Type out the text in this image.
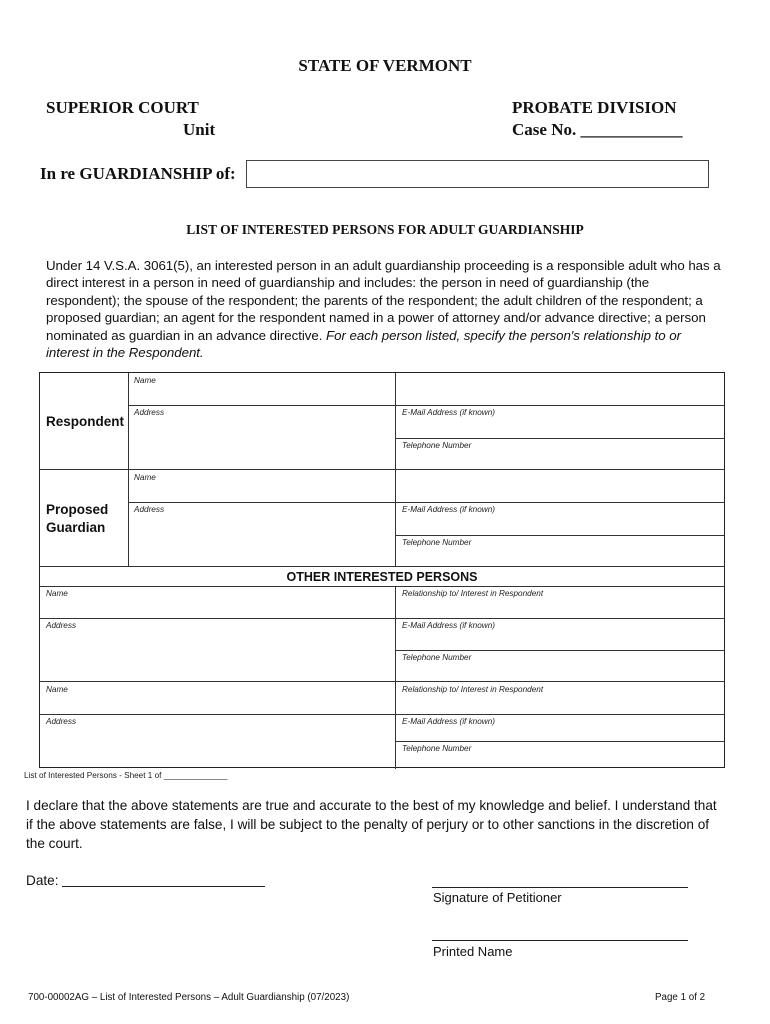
STATE OF VERMONT
SUPERIOR COURT
Unit
PROBATE DIVISION
Case No. ____________
In re GUARDIANSHIP of:
LIST OF INTERESTED PERSONS FOR ADULT GUARDIANSHIP
Under 14 V.S.A. 3061(5), an interested person in an adult guardianship proceeding is a responsible adult who has a direct interest in a person in need of guardianship and includes: the person in need of guardianship (the respondent); the spouse of the respondent; the parents of the respondent; the adult children of the respondent; a proposed guardian; an agent for the respondent named in a power of attorney and/or advance directive; a person nominated as guardian in an advance directive. For each person listed, specify the person's relationship to or interest in the Respondent.
Respondent
Name
Address	E-Mail Address (if known)
Telephone Number
Proposed Guardian
Name
Address	E-Mail Address (if known)
Telephone Number
OTHER INTERESTED PERSONS
Name	Relationship to/ Interest in Respondent
Address	E-Mail Address (if known)
Telephone Number
Name	Relationship to/ Interest in Respondent
Address	E-Mail Address (if known)
Telephone Number
List of Interested Persons - Sheet 1 of ______________
I declare that the above statements are true and accurate to the best of my knowledge and belief. I understand that if the above statements are false, I will be subject to the penalty of perjury or to other sanctions in the discretion of the court.
Date:
Signature of Petitioner
Printed Name
700-00002AG – List of Interested Persons – Adult Guardianship (07/2023)	Page 1 of 2
